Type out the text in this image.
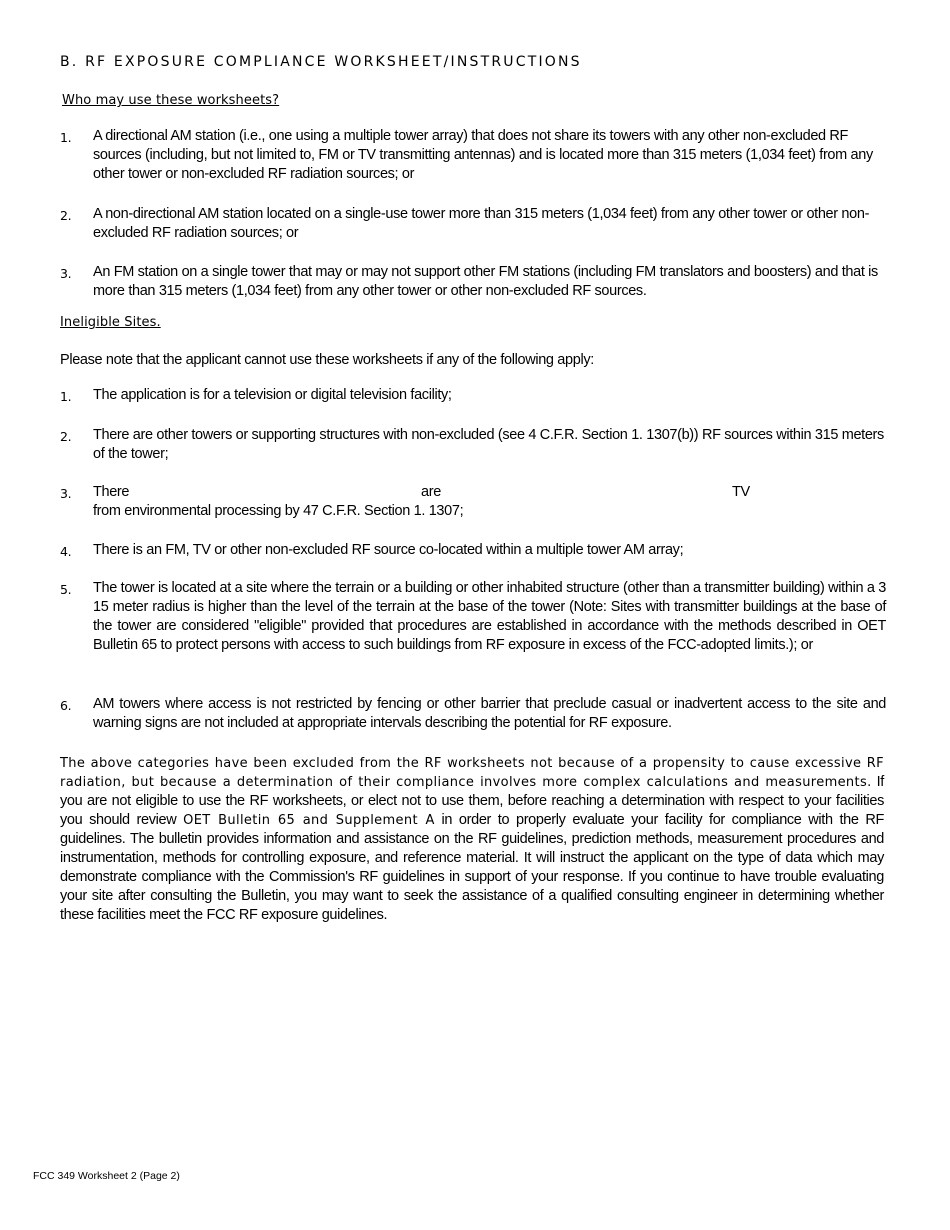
B. RF EXPOSURE COMPLIANCE WORKSHEET/INSTRUCTIONS
Who may use these worksheets?
1. A directional AM station (i.e., one using a multiple tower array) that does not share its towers with any other non-excluded RF sources (including, but not limited to, FM or TV transmitting antennas) and is located more than 315 meters (1,034 feet) from any other tower or non-excluded RF radiation sources; or
2. A non-directional AM station located on a single-use tower more than 315 meters (1,034 feet) from any other tower or other non-excluded RF radiation sources; or
3. An FM station on a single tower that may or may not support other FM stations (including FM translators and boosters) and that is more than 315 meters (1,034 feet) from any other tower or other non-excluded RF sources.
Ineligible Sites.
Please note that the applicant cannot use these worksheets if any of the following apply:
1. The application is for a television or digital television facility;
2. There are other towers or supporting structures with non-excluded (see 4 C.F.R. Section 1. 1307(b)) RF sources within 315 meters of the tower;
3. There	are	TV
from environmental processing by 47 C.F.R. Section 1. 1307;
4. There is an FM, TV or other non-excluded RF source co-located within a multiple tower AM array;
5. The tower is located at a site where the terrain or a building or other inhabited structure (other than a transmitter building) within a 3 15 meter radius is higher than the level of the terrain at the base of the tower (Note: Sites with transmitter buildings at the base of the tower are considered "eligible" provided that procedures are established in accordance with the methods described in OET Bulletin 65 to protect persons with access to such buildings from RF exposure in excess of the FCC-adopted limits.); or
6. AM towers where access is not restricted by fencing or other barrier that preclude casual or inadvertent access to the site and warning signs are not included at appropriate intervals describing the potential for RF exposure.
The above categories have been excluded from the RF worksheets not because of a propensity to cause excessive RF radiation, but because a determination of their compliance involves more complex calculations and measurements. If you are not eligible to use the RF worksheets, or elect not to use them, before reaching a determination with respect to your facilities you should review OET Bulletin 65 and Supplement A in order to properly evaluate your facility for compliance with the RF guidelines. The bulletin provides information and assistance on the RF guidelines, prediction methods, measurement procedures and instrumentation, methods for controlling exposure, and reference material. It will instruct the applicant on the type of data which may demonstrate compliance with the Commission's RF guidelines in support of your response. If you continue to have trouble evaluating your site after consulting the Bulletin, you may want to seek the assistance of a qualified consulting engineer in determining whether these facilities meet the FCC RF exposure guidelines.
FCC 349 Worksheet 2 (Page 2)
